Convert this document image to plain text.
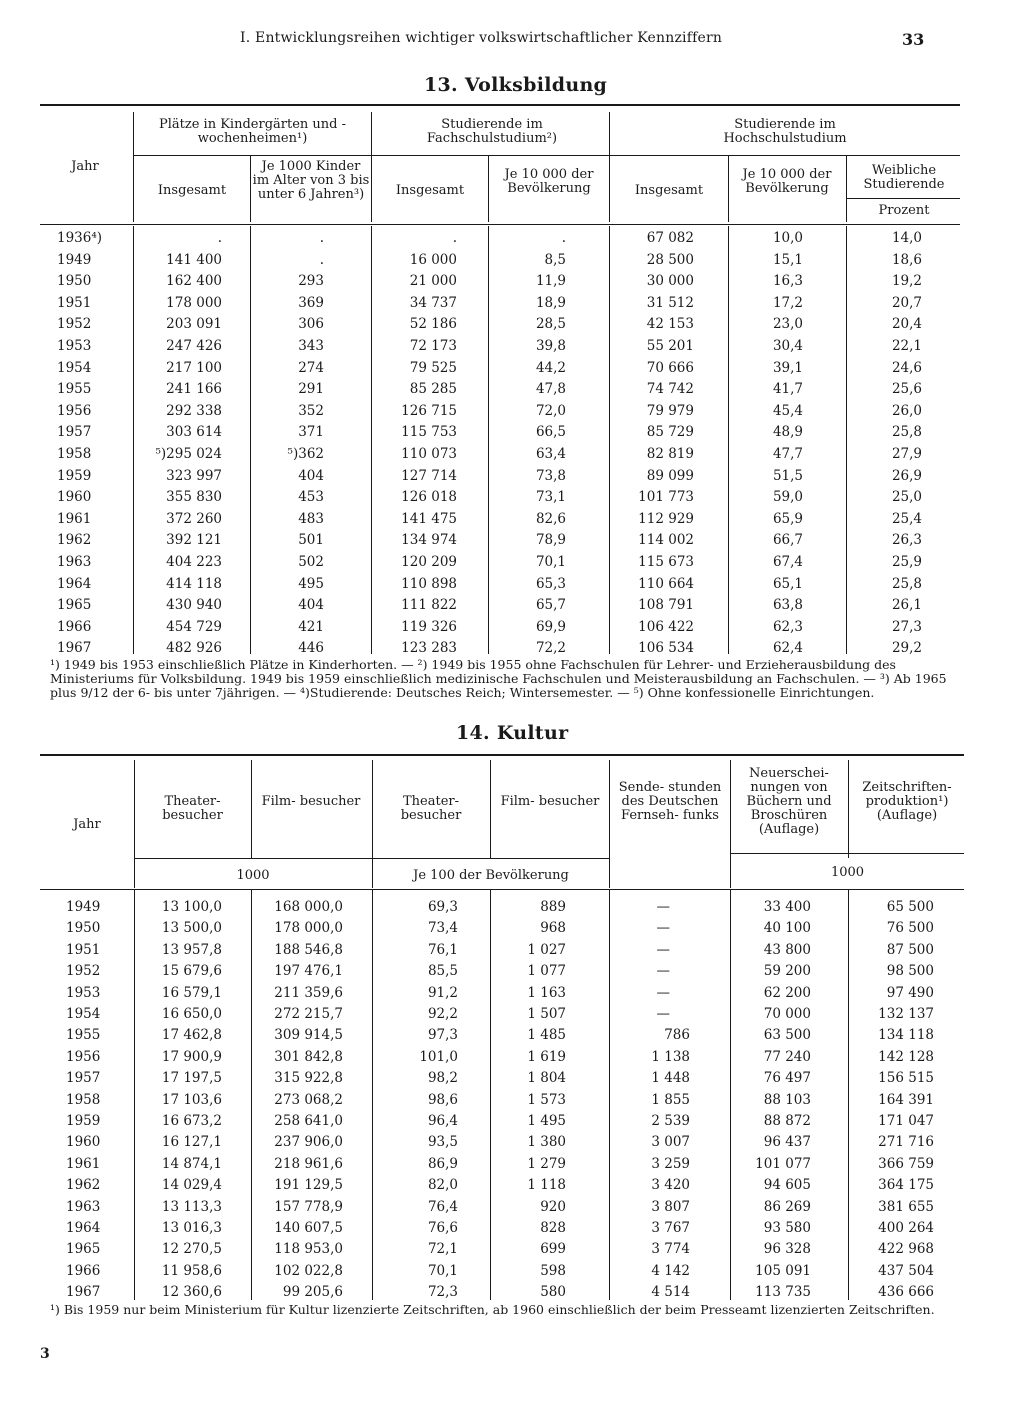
I. Entwicklungsreihen wichtiger volkswirtschaftlicher Kennziffern	33
13. Volksbildung
Jahr
Plätze in Kindergärten und -wochenheimen¹)
Insgesamt
Je 1000 Kinder im Alter von 3 bis unter 6 Jahren³)
Studierende im Fachschulstudium²)
Insgesamt
Je 10 000 der Bevölkerung
Studierende im Hochschulstudium
Insgesamt
Je 10 000 der Bevölkerung
Weibliche Studierende
Prozent
1936⁴)	.	.	.	.	67 082	10,0	14,0
1949	141 400	.	16 000	8,5	28 500	15,1	18,6
1950	162 400	293	21 000	11,9	30 000	16,3	19,2
1951	178 000	369	34 737	18,9	31 512	17,2	20,7
1952	203 091	306	52 186	28,5	42 153	23,0	20,4
1953	247 426	343	72 173	39,8	55 201	30,4	22,1
1954	217 100	274	79 525	44,2	70 666	39,1	24,6
1955	241 166	291	85 285	47,8	74 742	41,7	25,6
1956	292 338	352	126 715	72,0	79 979	45,4	26,0
1957	303 614	371	115 753	66,5	85 729	48,9	25,8
1958	⁵)295 024	⁵)362	110 073	63,4	82 819	47,7	27,9
1959	323 997	404	127 714	73,8	89 099	51,5	26,9
1960	355 830	453	126 018	73,1	101 773	59,0	25,0
1961	372 260	483	141 475	82,6	112 929	65,9	25,4
1962	392 121	501	134 974	78,9	114 002	66,7	26,3
1963	404 223	502	120 209	70,1	115 673	67,4	25,9
1964	414 118	495	110 898	65,3	110 664	65,1	25,8
1965	430 940	404	111 822	65,7	108 791	63,8	26,1
1966	454 729	421	119 326	69,9	106 422	62,3	27,3
1967	482 926	446	123 283	72,2	106 534	62,4	29,2
¹) 1949 bis 1953 einschließlich Plätze in Kinderhorten. — ²) 1949 bis 1955 ohne Fachschulen für Lehrer- und Erzieherausbildung des Ministeriums für Volksbildung. 1949 bis 1959 einschließlich medizinische Fachschulen und Meisterausbildung an Fachschulen. — ³) Ab 1965 plus 9/12 der 6- bis unter 7jährigen. — ⁴)Studierende: Deutsches Reich; Wintersemester. — ⁵) Ohne konfessionelle Einrichtungen.
14. Kultur
Jahr
Theater- besucher
Film- besucher	Theater- besucher
Film- besucher
Sende- stunden des Deutschen Fernseh- funks
Neuerschei- nungen von Büchern und Broschüren (Auflage)
Zeitschriften- produktion¹) (Auflage)
1000	Je 100 der Bevölkerung	1000
1949	13 100,0	168 000,0	69,3	889	—	33 400	65 500
1950	13 500,0	178 000,0	73,4	968	—	40 100	76 500
1951	13 957,8	188 546,8	76,1	1 027	—	43 800	87 500
1952	15 679,6	197 476,1	85,5	1 077	—	59 200	98 500
1953	16 579,1	211 359,6	91,2	1 163	—	62 200	97 490
1954	16 650,0	272 215,7	92,2	1 507	—	70 000	132 137
1955	17 462,8	309 914,5	97,3	1 485	786	63 500	134 118
1956	17 900,9	301 842,8	101,0	1 619	1 138	77 240	142 128
1957	17 197,5	315 922,8	98,2	1 804	1 448	76 497	156 515
1958	17 103,6	273 068,2	98,6	1 573	1 855	88 103	164 391
1959	16 673,2	258 641,0	96,4	1 495	2 539	88 872	171 047
1960	16 127,1	237 906,0	93,5	1 380	3 007	96 437	271 716
1961	14 874,1	218 961,6	86,9	1 279	3 259	101 077	366 759
1962	14 029,4	191 129,5	82,0	1 118	3 420	94 605	364 175
1963	13 113,3	157 778,9	76,4	920	3 807	86 269	381 655
1964	13 016,3	140 607,5	76,6	828	3 767	93 580	400 264
1965	12 270,5	118 953,0	72,1	699	3 774	96 328	422 968
1966	11 958,6	102 022,8	70,1	598	4 142	105 091	437 504
1967	12 360,6	99 205,6	72,3	580	4 514	113 735	436 666
¹) Bis 1959 nur beim Ministerium für Kultur lizenzierte Zeitschriften, ab 1960 einschließlich der beim Presseamt lizenzierten Zeitschriften.
3
